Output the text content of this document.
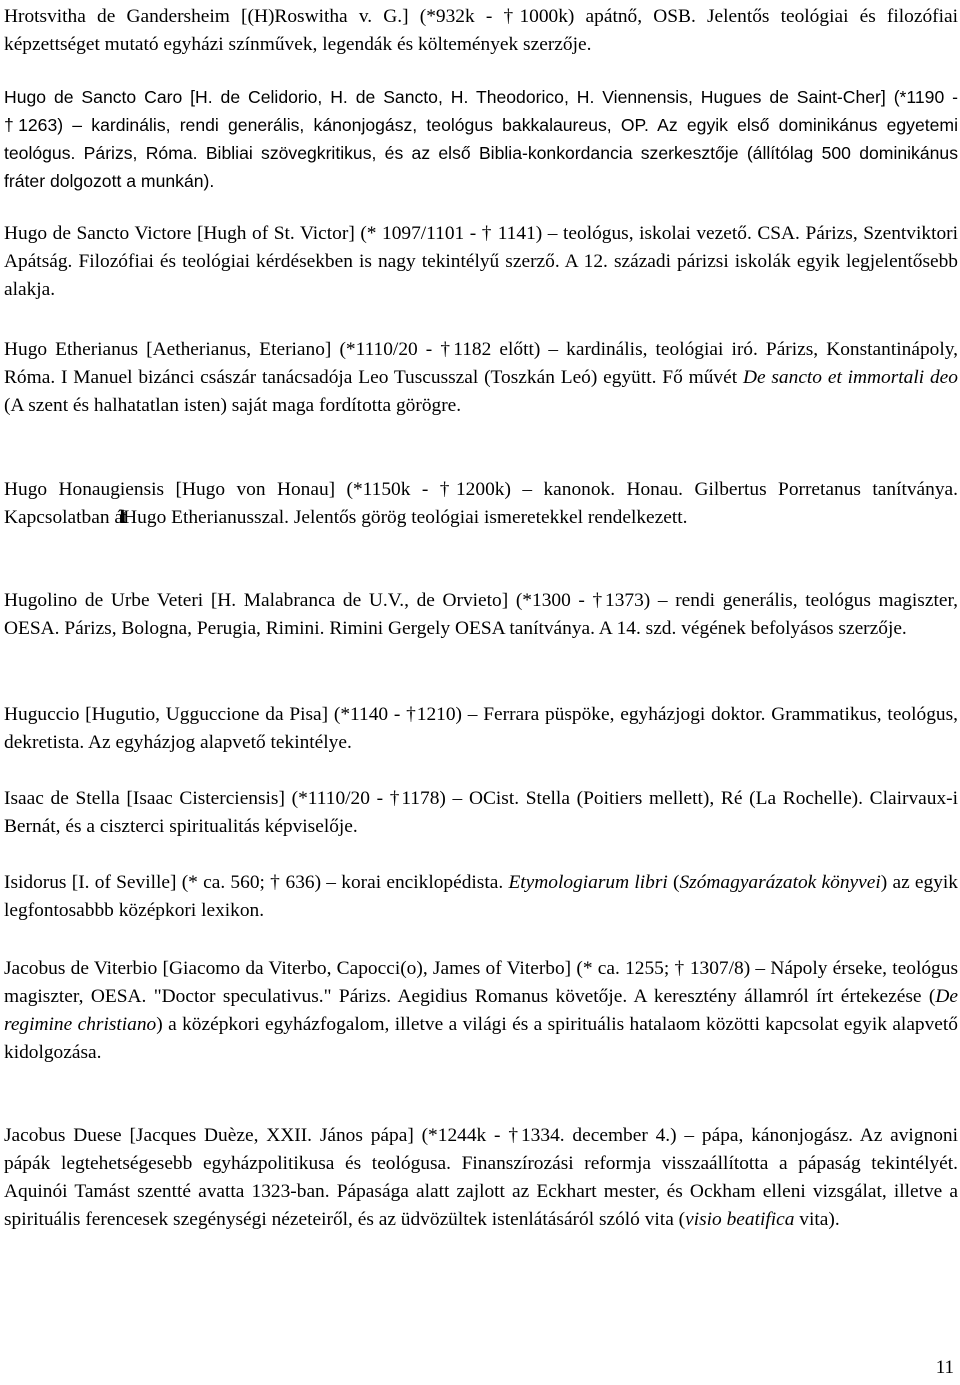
Hrotsvitha de Gandersheim [(H)Roswitha v. G.] (*932k - †1000k) apátnő, OSB. Jelentős teológiai és filozófiai képzettséget mutató egyházi színművek, legendák és költemények szerzője.

Hugo de Sancto Caro [H. de Celidorio, H. de Sancto, H. Theodorico, H. Viennensis, Hugues de Saint-Cher] (*1190 - †1263) ‒ kardinális, rendi generális, kánonjogász, teológus bakkalaureus, OP. Az egyik első dominikánus egyetemi teológus. Párizs, Róma. Bibliai szövegkritikus, és az első Biblia-konkordancia szerkesztője (állítólag 500 dominikánus fráter dolgozott a munkán).

Hugo de Sancto Victore [Hugh of St. Victor] (* 1097/1101 - † 1141) ‒ teológus, iskolai vezető. CSA. Párizs, Szentviktori Apátság. Filozófiai és teológiai kérdésekben is nagy tekintélyű szerző. A 12. századi párizsi iskolák egyik legjelentősebb alakja.

Hugo Etherianus [Aetherianus, Eteriano] (*1110/20 - †1182 előtt) ‒ kardinális, teológiai iró. Párizs, Konstantinápoly, Róma. I Manuel bizánci császár tanácsadója Leo Tuscusszal (Toszkán Leó) együtt. Fő művét De sancto et immortali deo (A szent és halhatatlan isten) saját maga fordította görögre.

Hugo Honaugiensis [Hugo von Honau] (*1150k - †1200k) ‒ kanonok. Honau. Gilbertus Porretanus tanítványa. Kapcsolatban álltHugo Etherianusszal. Jelentős görög teológiai ismeretekkel rendelkezett.

Hugolino de Urbe Veteri [H. Malabranca de U.V., de Orvieto] (*1300 - †1373) ‒ rendi generális, teológus magiszter, OESA. Párizs, Bologna, Perugia, Rimini. Rimini Gergely OESA tanítványa. A 14. szd. végének befolyásos szerzője.

Huguccio [Hugutio, Ugguccione da Pisa] (*1140 - †1210) ‒ Ferrara püspöke, egyházjogi doktor. Grammatikus, teológus, dekretista. Az egyházjog alapvető tekintélye.

Isaac de Stella [Isaac Cisterciensis] (*1110/20 - †1178) ‒ OCist. Stella (Poitiers mellett), Ré (La Rochelle). Clairvaux-i Bernát, és a ciszterci spiritualitás képviselője.

Isidorus [I. of Seville] (* ca. 560; † 636) ‒ korai enciklopédista. Etymologiarum libri (Szómagyarázatok könyvei) az egyik legfontosabbb középkori lexikon.

Jacobus de Viterbio [Giacomo da Viterbo, Capocci(o), James of Viterbo] (* ca. 1255; † 1307/8) ‒ Nápoly érseke, teológus magiszter, OESA. "Doctor speculativus." Párizs. Aegidius Romanus követője. A keresztény államról írt értekezése (De regimine christiano) a középkori egyházfogalom, illetve a világi és a spirituális hatalaom közötti kapcsolat egyik alapvető kidolgozása.

Jacobus Duese [Jacques Duèze, XXII. János pápa] (*1244k - †1334. december 4.) ‒ pápa, kánonjogász. Az avignoni pápák legtehetségesebb egyházpolitikusa és teológusa. Finanszírozási reformja visszaállította a pápaság tekintélyét. Aquinói Tamást szentté avatta 1323-ban. Pápasága alatt zajlott az Eckhart mester, és Ockham elleni vizsgálat, illetve a spirituális ferencesek szegénységi nézeteiről, és az üdvözültek istenlátásáról szóló vita (visio beatifica vita).

11
